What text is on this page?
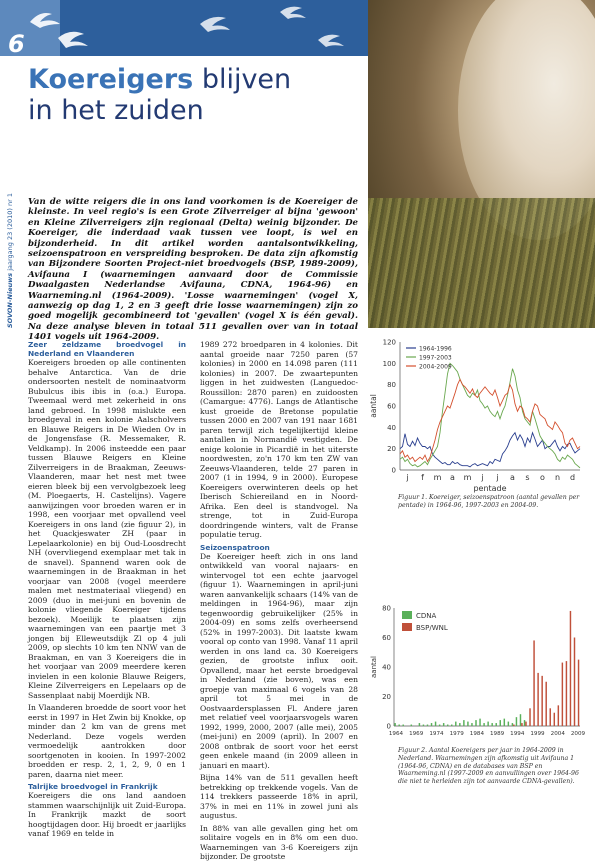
6
SOVON-Nieuws jaargang 23 (2010) nr 1
Koereigers blijven
in het zuiden
Van de witte reigers die in ons land voorkomen is de Koereiger de kleinste. In veel regio's is een Grote Zilverreiger al bijna 'gewoon' en Kleine Zilverreigers zijn regionaal (Delta) weinig bijzonder. De Koereiger, die inderdaad vaak tussen vee loopt, is wel en bijzonderheid. In dit artikel worden aantalsontwikkeling, seizoenspatroon en verspreiding besproken. De data zijn afkomstig van Bijzondere Soorten Project-niet broedvogels (BSP, 1989-2009), Avifauna I (waarnemingen aanvaard door de Commissie Dwaalgasten Nederlandse Avifauna, CDNA, 1964-96) en Waarneming.nl (1964-2009). 'Losse waarnemingen' (vogel X, aanwezig op dag 1, 2 en 3 geeft drie losse waarnemingen) zijn zo goed mogelijk gecombineerd tot 'gevallen' (vogel X is één geval). Na deze analyse bleven in totaal 511 gevallen over van in totaal 1401 vogels uit 1964-2009.
Zeer zeldzame broedvogel in Nederland en Vlaanderen

Koereigers broeden op alle continenten behalve Antarctica. Van de drie ondersoorten nestelt de nominaatvorm Bubulcus ibis ibis in (o.a.) Europa. Tweemaal werd met zekerheid in ons land gebroed. In 1998 mislukte een broedgeval in een kolonie Aalscholvers en Blauwe Reigers in De Wieden Ov in de Jongensfase (R. Messemaker, R. Veldkamp). In 2006 insteedde een paar tussen Blauwe Reigers en Kleine Zilverreigers in de Braakman, Zeeuws-Vlaanderen, maar het nest met twee eieren bleek bij een vervolgbezoek leeg (M. Ploegaerts, H. Castelijns). Vagere aanwijzingen voor broeden waren er in 1998, een voorjaar met opvallend veel Koereigers in ons land (zie figuur 2), in het Quackjeswater ZH (paar in Lepelaarkolonie) en bij Oud-Loosdrecht NH (overvliegend exemplaar met tak in de snavel). Spannend waren ook de waarnemingen in de Braakman in het voorjaar van 2008 (vogel meerdere malen met nestmateriaal vliegend) en 2009 (duo in mei-juni en bovenin de kolonie vliegende Koereiger tijdens bezoek). Moeilijk te plaatsen zijn waarnemingen van een paartje met 3 jongen bij Elleweutsdijk Zl op 4 juli 2009, op slechts 10 km ten NNW van de Braakman, en van 3 Koereigers die in het voorjaar van 2009 meerdere keren invielen in een kolonie Blauwe Reigers, Kleine Zilverreigers en Lepelaars op de Sassenplaat nabij Moerdijk NB.

In Vlaanderen broedde de soort voor het eerst in 1997 in Het Zwin bij Knokke, op minder dan 2 km van de grens met Nederland. Deze vogels werden vermoedelijk aantrokken door soortgenoten in kooien. In 1997-2002 broedden er resp. 2, 1, 2, 9, 0 en 1 paren, daarna niet meer.

Talrijke broedvogel in Frankrijk

Koereigers die ons land aandoen stammen waarschijnlijk uit Zuid-Europa. In Frankrijk mazkt de soort hoogtijdagen door. Hij broedt er jaarlijks vanaf 1969 en telde in

1989 272 broedparen in 4 kolonies. Dit aantal groeide naar 7250 paren (57 kolonies) in 2000 en 14.098 paren (111 kolonies) in 2007. De zwaartepunten liggen in het zuidwesten (Languedoc-Roussillon: 2870 paren) en zuidoosten (Camargue: 4776). Langs de Atlantische kust groeide de Bretonse populatie tussen 2000 en 2007 van 191 naar 1681 paren terwijl zich tegelijkertijd kleine aantallen in Normandië vestigden. De enige kolonie in Picardië in het uiterste noordwesten, zo'n 170 km ten ZW van Zeeuws-Vlaanderen, telde 27 paren in 2007 (1 in 1994, 9 in 2000). Europese Koereigers overwinteren deels op het Iberisch Schiereiland en in Noord-Afrika. Een deel is standvogel. Na strenge, tot in Zuid-Europa doordringende winters, valt de Franse populatie terug.

Seizoenspatroon

De Koereiger heeft zich in ons land ontwikkeld van vooral najaars- en wintervogel tot een echte jaarvogel (figuur 1). Waarnemingen in april-juni waren aanvankelijk schaars (14% van de meldingen in 1964-96), maar zijn tegenwoordig gebruikelijker (25% in 2004-09) en soms zelfs overheersend (52% in 1997-2003). Dit laatste kwam vooral op conto van 1998. Vanaf 11 april werden in ons land ca. 30 Koereigers gezien, de grootste influx ooit. Opvallend, maar het eerste broedgeval in Nederland (zie boven), was een groepje van maximaal 6 vogels van 28 april tot 5 mei in de Oostvaardersplassen Fl. Andere jaren met relatief veel voorjaarsvogels waren 1992, 1999, 2000, 2007 (alle mei), 2005 (mei-juni) en 2009 (april). In 2007 en 2008 ontbrak de soort voor het eerst geen enkele maand (in 2009 alleen in januari en maart).

Bijna 14% van de 511 gevallen heeft betrekking op trekkende vogels. Van de 114 trekkers passeerde 18% in april, 37% in mei en 11% in zowel juni als augustus.

In 88% van alle gevallen ging het om solitaire vogels en in 8% om een duo. Waarnemingen van 3-6 Koereigers zijn bijzonder. De grootste

0
20
40
60
80
100
120
aantal
j f m a m j j a s o n d
pentade
1964-1996
1997-2003
2004-2009
Figuur 1. Koereiger, seizoenspatroon (aantal gevallen per pentade) in 1964-96, 1997-2003 en 2004-09.
0
20
40
60
80
aantal
1964 1969 1974 1979 1984 1989 1994 1999 2004 2009
CDNA
BSP/WNL
Figuur 2. Aantal Koereigers per jaar in 1964-2009 in Nederland. Waarnemingen zijn afkomstig uit Avifauna 1 (1964-96, CDNA) en de databases van BSP en Waarneming.nl (1997-2009 en aanvullingen over 1964-96 die niet te herleiden zijn tot aanvaarde CDNA-gevallen).
